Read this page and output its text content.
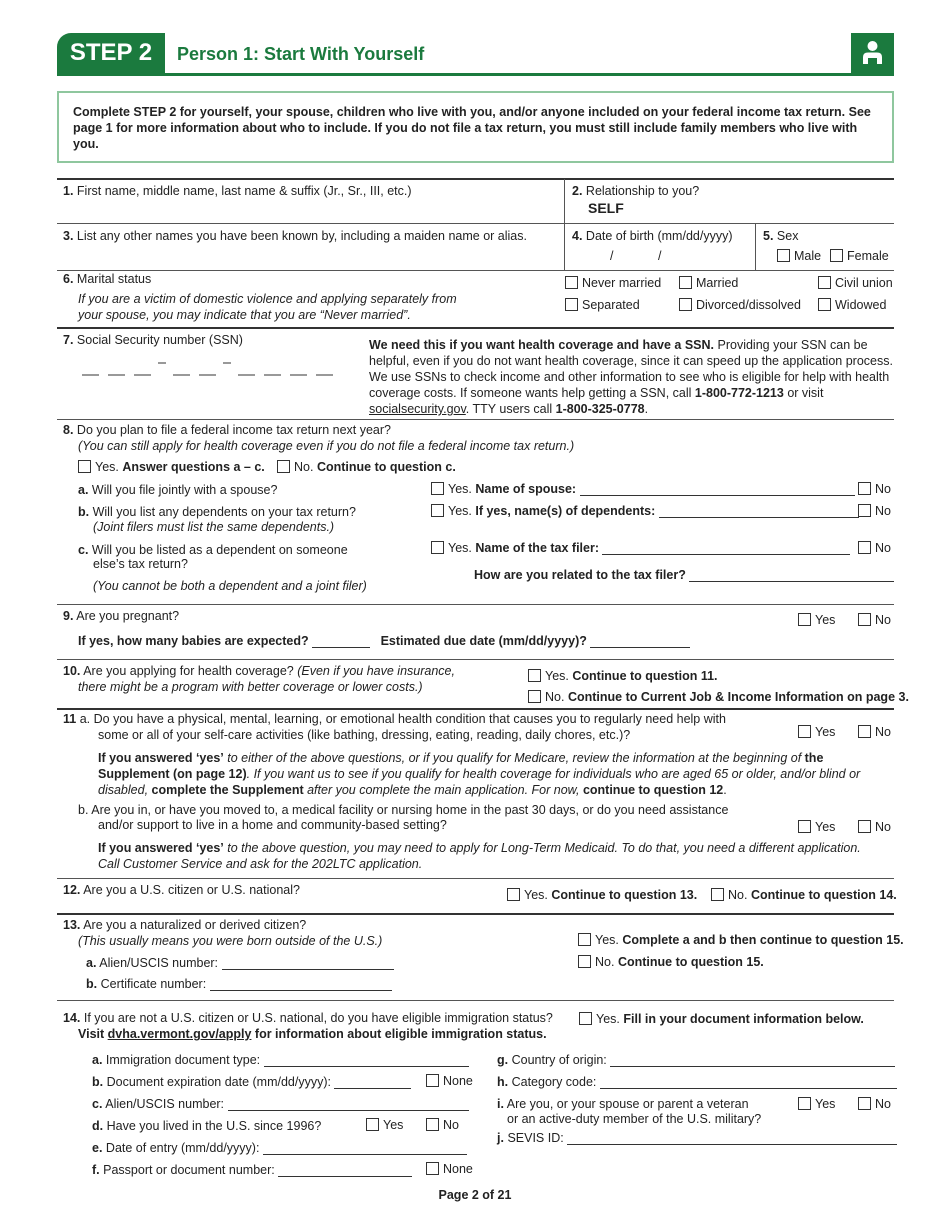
STEP 2	Person 1: Start With Yourself
Complete STEP 2 for yourself, your spouse, children who live with you, and/or anyone included on your federal income tax return. See page 1 for more information about who to include. If you do not file a tax return, you must still include family members who live with you.
1. First name, middle name, last name & suffix (Jr., Sr., III, etc.)	2. Relationship to you?
SELF
3. List any other names you have been known by, including a maiden name or alias.	4. Date of birth (mm/dd/yyyy)
/	/
5. Sex
Male	Female
6. Marital status
If you are a victim of domestic violence and applying separately from
your spouse, you may indicate that you are “Never married”.
Never married	Married	Civil union
Separated	Divorced/dissolved	Widowed
7. Social Security number (SSN)	We need this if you want health coverage and have a SSN. Providing your SSN can be helpful, even if you do not want health coverage, since it can speed up the application process. We use SSNs to check income and other information to see who is eligible for help with health coverage costs. If someone wants help getting a SSN, call 1-800-772-1213 or visit socialsecurity.gov. TTY users call 1-800-325-0778.
8. Do you plan to file a federal income tax return next year?
(You can still apply for health coverage even if you do not file a federal income tax return.)
Yes. Answer questions a – c.	No. Continue to question c.
a. Will you file jointly with a spouse?	Yes. Name of spouse:	No
b. Will you list any dependents on your tax return?
(Joint filers must list the same dependents.)
Yes. If yes, name(s) of dependents:	No
c. Will you be listed as a dependent on someone
else’s tax return?
Yes. Name of the tax filer:	No
How are you related to the tax filer?
(You cannot be both a dependent and a joint filer)
9. Are you pregnant?	Yes	No
If yes, how many babies are expected?	Estimated due date (mm/dd/yyyy)?
10. Are you applying for health coverage? (Even if you have insurance,
there might be a program with better coverage or lower costs.)
Yes. Continue to question 11.
No. Continue to Current Job & Income Information on page 3.
11 a. Do you have a physical, mental, learning, or emotional health condition that causes you to regularly need help with
some or all of your self-care activities (like bathing, dressing, eating, reading, daily chores, etc.)?	Yes	No
If you answered ‘yes’ to either of the above questions, or if you qualify for Medicare, review the information at the beginning of the Supplement (on page 12). If you want us to see if you qualify for health coverage for individuals who are aged 65 or older, and/or blind or disabled, complete the Supplement after you complete the main application. For now, continue to question 12.
b. Are you in, or have you moved to, a medical facility or nursing home in the past 30 days, or do you need assistance
and/or support to live in a home and community-based setting?	Yes	No
If you answered ‘yes’ to the above question, you may need to apply for Long-Term Medicaid. To do that, you need a different application. Call Customer Service and ask for the 202LTC application.
12. Are you a U.S. citizen or U.S. national?	Yes. Continue to question 13.	No. Continue to question 14.
13. Are you a naturalized or derived citizen?
(This usually means you were born outside of the U.S.)	Yes. Complete a and b then continue to question 15.
No. Continue to question 15.
a. Alien/USCIS number:
b. Certificate number:
14. If you are not a U.S. citizen or U.S. national, do you have eligible immigration status?
Visit dvha.vermont.gov/apply for information about eligible immigration status.
Yes. Fill in your document information below.
a. Immigration document type:
b. Document expiration date (mm/dd/yyyy):	None
c. Alien/USCIS number:
d. Have you lived in the U.S. since 1996?	Yes	No
e. Date of entry (mm/dd/yyyy):
f. Passport or document number:	None
g. Country of origin:
h. Category code:
i. Are you, or your spouse or parent a veteran
or an active-duty member of the U.S. military?
Yes	No
j. SEVIS ID:
Page 2 of 21
